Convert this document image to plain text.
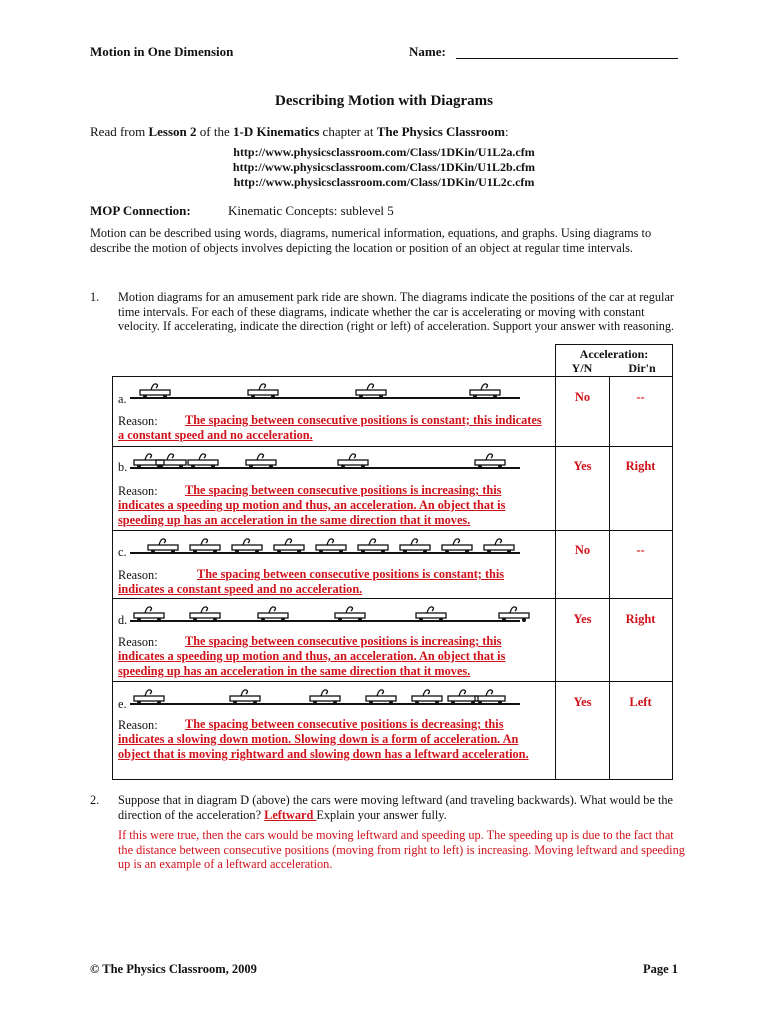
Motion in One Dimension	Name:
Describing Motion with Diagrams
Read from Lesson 2 of the 1-D Kinematics chapter at The Physics Classroom:
http://www.physicsclassroom.com/Class/1DKin/U1L2a.cfm
http://www.physicsclassroom.com/Class/1DKin/U1L2b.cfm
http://www.physicsclassroom.com/Class/1DKin/U1L2c.cfm
MOP Connection:	Kinematic Concepts: sublevel 5
Motion can be described using words, diagrams, numerical information, equations, and graphs. Using diagrams to describe the motion of objects involves depicting the location or position of an object at regular time intervals.
1. Motion diagrams for an amusement park ride are shown. The diagrams indicate the positions of the car at regular time intervals. For each of these diagrams, indicate whether the car is accelerating or moving with constant velocity. If accelerating, indicate the direction (right or left) of acceleration. Support your answer with reasoning.
Acceleration:
Y/N	Dir'n
a.
Reason:	The spacing between consecutive positions is constant; this indicates a constant speed and no acceleration.
No	--
b.
Reason:	The spacing between consecutive positions is increasing; this indicates a speeding up motion and thus, an acceleration. An object that is speeding up has an acceleration in the same direction that it moves.
Yes	Right
c.
Reason:	The spacing between consecutive positions is constant; this indicates a constant speed and no acceleration.
No	--
d.
Reason:	The spacing between consecutive positions is increasing; this indicates a speeding up motion and thus, an acceleration. An object that is speeding up has an acceleration in the same direction that it moves.
Yes	Right
e.
Reason:	The spacing between consecutive positions is decreasing; this indicates a slowing down motion. Slowing down is a form of acceleration. An object that is moving rightward and slowing down has a leftward acceleration.
Yes	Left
2. Suppose that in diagram D (above) the cars were moving leftward (and traveling backwards). What would be the direction of the acceleration? Leftward Explain your answer fully.
If this were true, then the cars would be moving leftward and speeding up. The speeding up is due to the fact that the distance between consecutive positions (moving from right to left) is increasing. Moving leftward and speeding up is an example of a leftward acceleration.
© The Physics Classroom, 2009	Page 1
